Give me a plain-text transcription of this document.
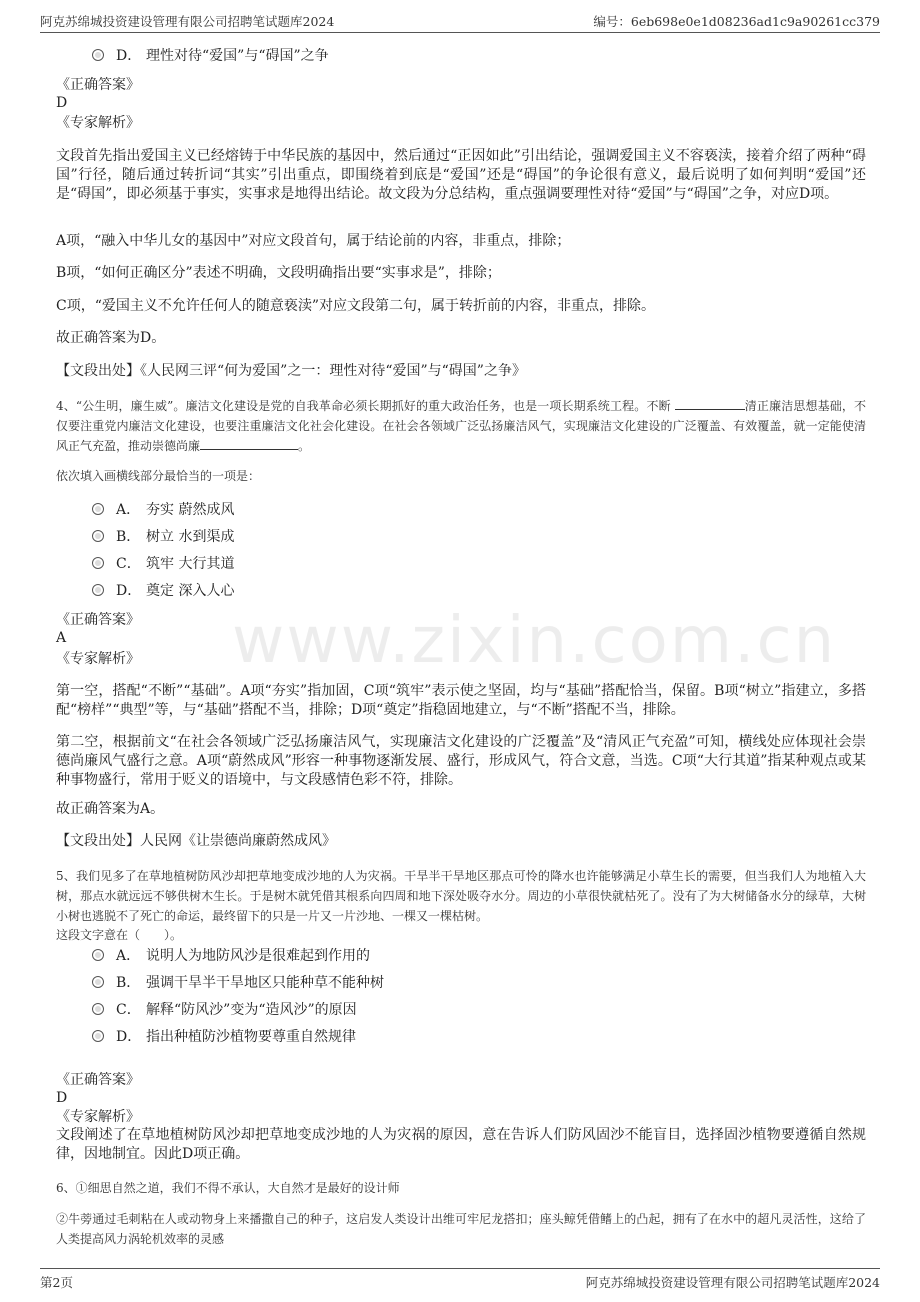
阿克苏绵城投资建设管理有限公司招聘笔试题库2024	编号：6eb698e0e1d08236ad1c9a90261cc379
www.zixin.com.cn
D． 理性对待“爱国”与“碍国”之争
《正确答案》
D
《专家解析》
文段首先指出爱国主义已经熔铸于中华民族的基因中，然后通过“正因如此”引出结论，强调爱国主义不容亵渎，接着介绍了两种“碍国”行径，随后通过转折词“其实”引出重点，即围绕着到底是“爱国”还是“碍国”的争论很有意义，最后说明了如何判明“爱国”还是“碍国”，即必须基于事实，实事求是地得出结论。故文段为分总结构，重点强调要理性对待“爱国”与“碍国”之争，对应D项。
A项，“融入中华儿女的基因中”对应文段首句，属于结论前的内容，非重点，排除；
B项，“如何正确区分”表述不明确，文段明确指出要“实事求是”，排除；
C项，“爱国主义不允许任何人的随意亵渎”对应文段第二句，属于转折前的内容，非重点，排除。
故正确答案为D。
【文段出处】《人民网三评“何为爱国”之一：理性对待“爱国”与“碍国”之争》
4、“公生明，廉生威”。廉洁文化建设是党的自我革命必须长期抓好的重大政治任务，也是一项长期系统工程。不断	清正廉洁思想基础，不仅要注重党内廉洁文化建设，也要注重廉洁文化社会化建设。在社会各领域广泛弘扬廉洁风气，实现廉洁文化建设的广泛覆盖、有效覆盖，就一定能使清风正气充盈，推动崇德尚廉	。
依次填入画横线部分最恰当的一项是：
A． 夯实 蔚然成风
B． 树立 水到渠成
C． 筑牢 大行其道
D． 奠定 深入人心
《正确答案》
A
《专家解析》
第一空，搭配“不断”“基础”。A项“夯实”指加固，C项“筑牢”表示使之坚固，均与“基础”搭配恰当，保留。B项“树立”指建立，多搭配“榜样”“典型”等，与“基础”搭配不当，排除；D项“奠定”指稳固地建立，与“不断”搭配不当，排除。
第二空，根据前文“在社会各领域广泛弘扬廉洁风气，实现廉洁文化建设的广泛覆盖”及“清风正气充盈”可知，横线处应体现社会崇德尚廉风气盛行之意。A项“蔚然成风”形容一种事物逐渐发展、盛行，形成风气，符合文意，当选。C项“大行其道”指某种观点或某种事物盛行，常用于贬义的语境中，与文段感情色彩不符，排除。
故正确答案为A。
【文段出处】人民网《让崇德尚廉蔚然成风》
5、我们见多了在草地植树防风沙却把草地变成沙地的人为灾祸。干旱半干旱地区那点可怜的降水也许能够满足小草生长的需要，但当我们人为地植入大树，那点水就远远不够供树木生长。于是树木就凭借其根系向四周和地下深处吸夺水分。周边的小草很快就枯死了。没有了为大树储备水分的绿草，大树小树也逃脱不了死亡的命运，最终留下的只是一片又一片沙地、一棵又一棵枯树。
这段文字意在（　　）。
A． 说明人为地防风沙是很难起到作用的
B． 强调干旱半干旱地区只能种草不能种树
C． 解释“防风沙”变为“造风沙”的原因
D． 指出种植防沙植物要尊重自然规律
《正确答案》
D
《专家解析》
文段阐述了在草地植树防风沙却把草地变成沙地的人为灾祸的原因，意在告诉人们防风固沙不能盲目，选择固沙植物要遵循自然规律，因地制宜。因此D项正确。
6、①细思自然之道，我们不得不承认，大自然才是最好的设计师
②牛蒡通过毛刺粘在人或动物身上来播撒自己的种子，这启发人类设计出维可牢尼龙搭扣；座头鲸凭借鳍上的凸起，拥有了在水中的超凡灵活性，这给了人类提高风力涡轮机效率的灵感
第2页	阿克苏绵城投资建设管理有限公司招聘笔试题库2024
